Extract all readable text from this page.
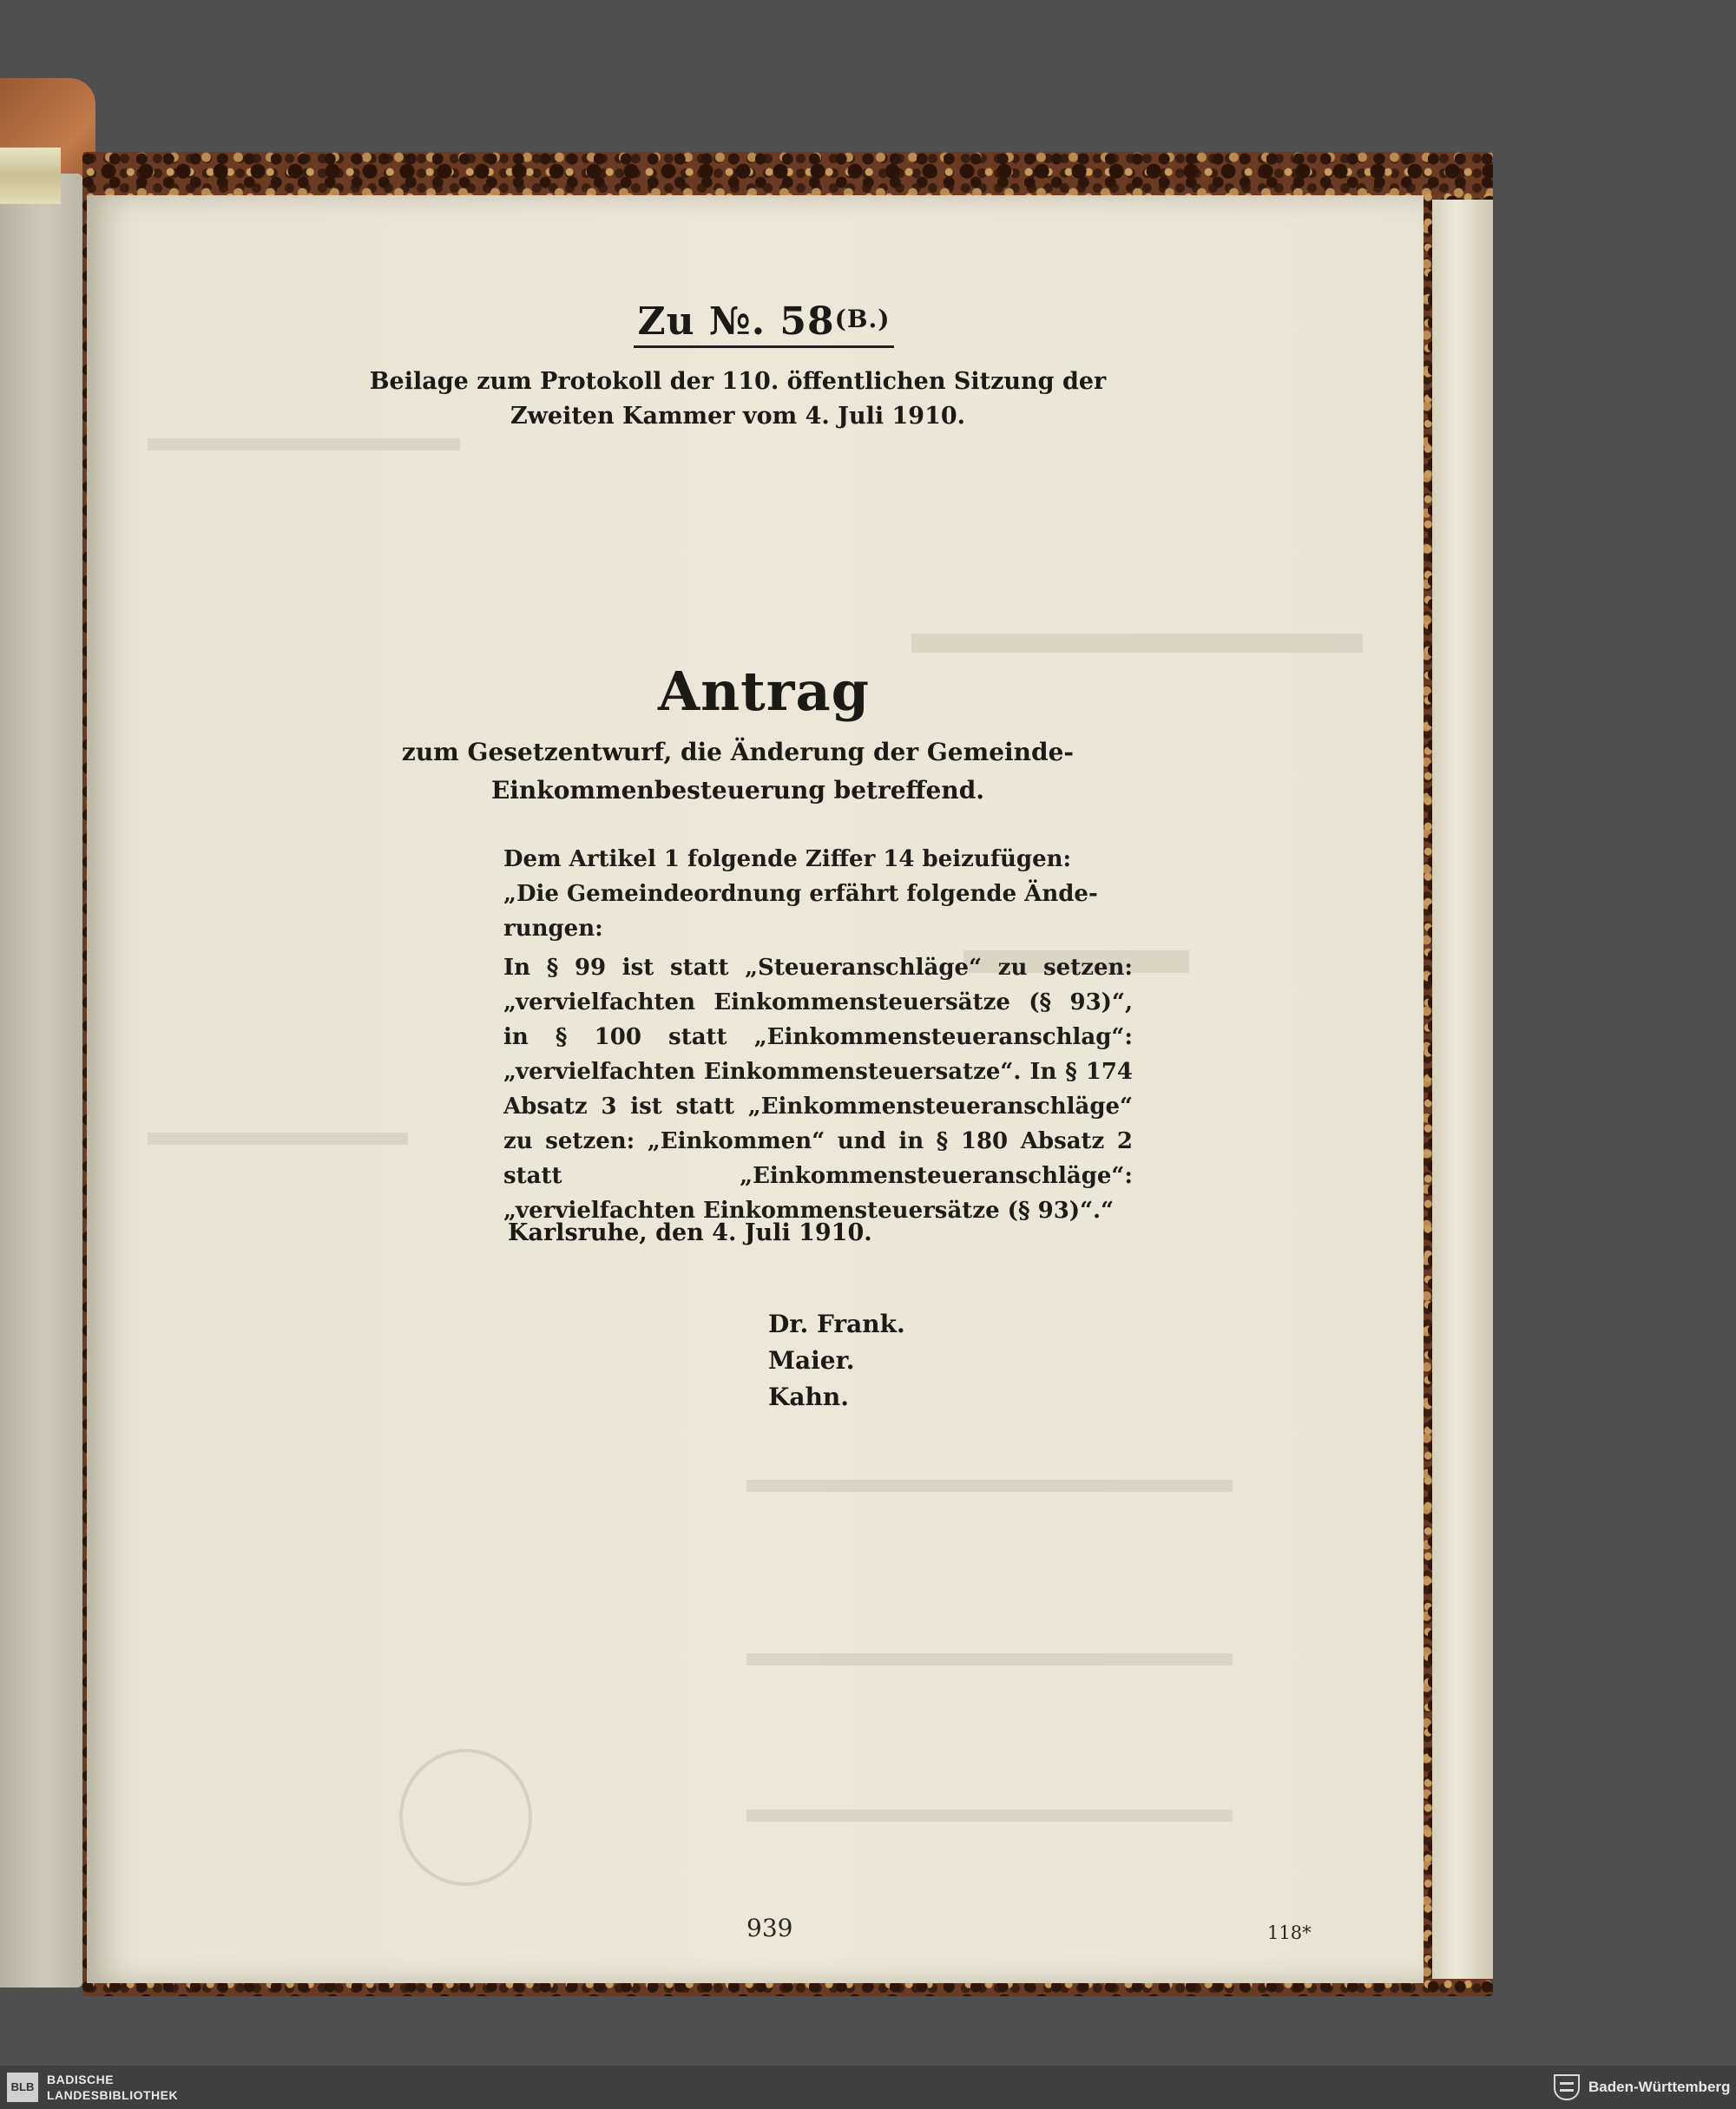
Zu №. $58^{(B.)}$
Beilage zum Protokoll der 110. öffentlichen Sitzung der
Zweiten Kammer vom 4. Juli 1910.
Antrag
zum Gesetzentwurf, die Änderung der Gemeinde-
Einkommenbesteuerung betreffend.
Dem Artikel 1 folgende Ziffer 14 beizufügen:
„Die Gemeindeordnung erfährt folgende Ände-
rungen:
In § 99 ist statt „Steueranschläge“ zu setzen: „vervielfachten Einkommensteuersätze (§ 93)“, in § 100 statt „Einkommensteueranschlag“: „vervielfachten Einkommensteuersatze“. In § 174 Absatz 3 ist statt „Einkommensteueranschläge“ zu setzen: „Einkommen“ und in § 180 Absatz 2 statt „Einkommensteueranschläge“: „vervielfachten Einkommensteuersätze (§ 93)“.“
Karlsruhe, den 4. Juli 1910.
Dr. Frank.
Maier.
Kahn.
939	118*
BLB
BADISCHE
LANDESBIBLIOTHEK	Baden-Württemberg
